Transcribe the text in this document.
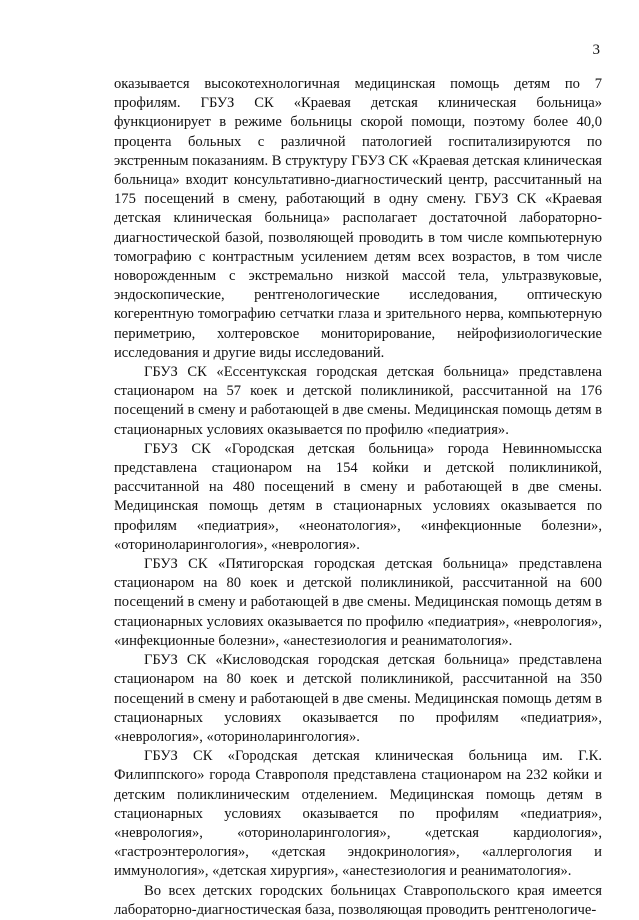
3

оказывается высокотехнологичная медицинская помощь детям по 7 профилям. ГБУЗ СК «Краевая детская клиническая больница» функционирует в режиме больницы скорой помощи, поэтому более 40,0 процента больных с различной патологией госпитализируются по экстренным показаниям. В структуру ГБУЗ СК «Краевая детская клиническая больница» входит консультативно-диагностический центр, рассчитанный на 175 посещений в смену, работающий в одну смену. ГБУЗ СК «Краевая детская клиническая больница» располагает достаточной лабораторно-диагностической базой, позволяющей проводить в том числе компьютерную томографию с контрастным усилением детям всех возрастов, в том числе новорожденным с экстремально низкой массой тела, ультразвуковые, эндоскопические, рентгенологические исследования, оптическую когерентную томографию сетчатки глаза и зрительного нерва, компьютерную периметрию, холтеровское мониторирование, нейрофизиологические исследования и другие виды исследований.

ГБУЗ СК «Ессентукская городская детская больница» представлена стационаром на 57 коек и детской поликлиникой, рассчитанной на 176 посещений в смену и работающей в две смены. Медицинская помощь детям в стационарных условиях оказывается по профилю «педиатрия».

ГБУЗ СК «Городская детская больница» города Невинномысска представлена стационаром на 154 койки и детской поликлиникой, рассчитанной на 480 посещений в смену и работающей в две смены. Медицинская помощь детям в стационарных условиях оказывается по профилям «педиатрия», «неонатология», «инфекционные болезни», «оториноларингология», «неврология».

ГБУЗ СК «Пятигорская городская детская больница» представлена стационаром на 80 коек и детской поликлиникой, рассчитанной на 600 посещений в смену и работающей в две смены. Медицинская помощь детям в стационарных условиях оказывается по профилю «педиатрия», «неврология», «инфекционные болезни», «анестезиология и реаниматология».

ГБУЗ СК «Кисловодская городская детская больница» представлена стационаром на 80 коек и детской поликлиникой, рассчитанной на 350 посещений в смену и работающей в две смены. Медицинская помощь детям в стационарных условиях оказывается по профилям «педиатрия», «неврология», «оториноларингология».

ГБУЗ СК «Городская детская клиническая больница им. Г.К. Филиппского» города Ставрополя представлена стационаром на 232 койки и детским поликлиническим отделением. Медицинская помощь детям в стационарных условиях оказывается по профилям «педиатрия», «неврология», «оториноларингология», «детская кардиология», «гастроэнтерология», «детская эндокринология», «аллергология и иммунология», «детская хирургия», «анестезиология и реаниматология».

Во всех детских городских больницах Ставропольского края имеется лабораторно-диагностическая база, позволяющая проводить рентгенологиче-
